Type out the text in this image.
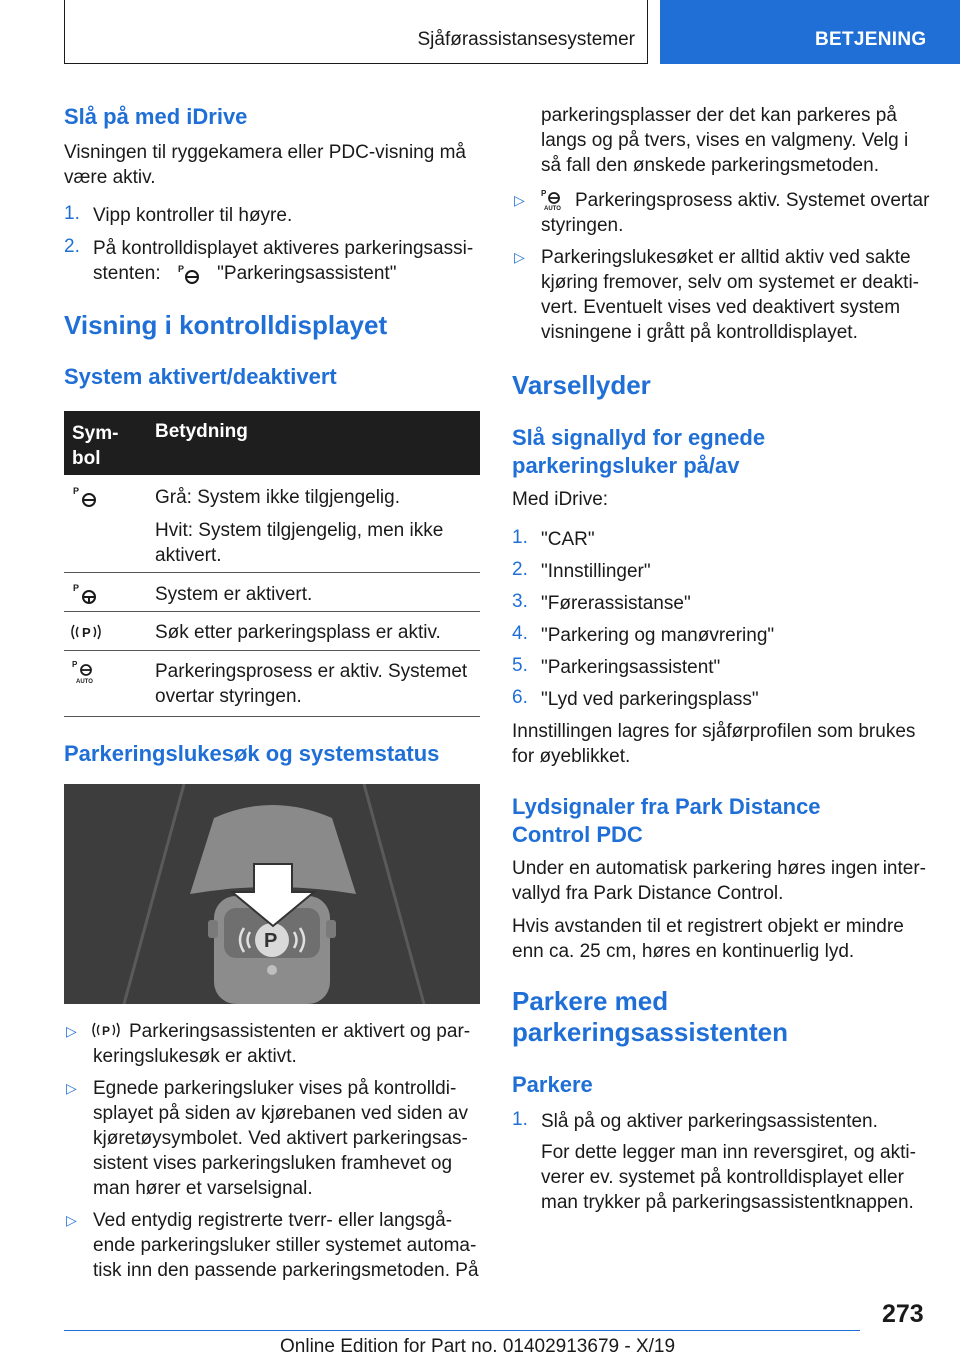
Sjåførassistansesystemer	BETJENING
Slå på med iDrive
Visningen til ryggekamera eller PDC-visning må
være aktiv.
1. Vipp kontroller til høyre.
2. På kontrolldisplayet aktiveres parkeringsassi-
stenten: P "Parkeringsassistent"
Visning i kontrolldisplayet
System aktivert/deaktivert
Sym-
bol
Betydning
P	Grå: System ikke tilgjengelig.
Hvit: System tilgjengelig, men ikke
aktivert.
P	System er aktivert.
P	Søk etter parkeringsplass er aktiv.
P
AUTO	Parkeringsprosess er aktiv. Systemet
overtar styringen.
Parkeringslukesøk og systemstatus
P
▷ P Parkeringsassistenten er aktivert og par-
keringslukesøk er aktivt.
▷ Egnede parkeringsluker vises på kontrolldi-
splayet på siden av kjørebanen ved siden av
kjøretøysymbolet. Ved aktivert parkeringsas-
sistent vises parkeringsluken framhevet og
man hører et varselsignal.
▷ Ved entydig registrerte tverr- eller langsgå-
ende parkeringsluker stiller systemet automa-
tisk inn den passende parkeringsmetoden. På
parkeringsplasser der det kan parkeres på
langs og på tvers, vises en valgmeny. Velg i
så fall den ønskede parkeringsmetoden.
▷ P
AUTO Parkeringsprosess aktiv. Systemet overtar
styringen.
▷ Parkeringslukesøket er alltid aktiv ved sakte
kjøring fremover, selv om systemet er deakti-
vert. Eventuelt vises ved deaktivert system
visningene i grått på kontrolldisplayet.
Varsellyder
Slå signallyd for egnede
parkeringsluker på/av
Med iDrive:
1. "CAR"
2. "Innstillinger"
3. "Førerassistanse"
4. "Parkering og manøvrering"
5. "Parkeringsassistent"
6. "Lyd ved parkeringsplass"
Innstillingen lagres for sjåførprofilen som brukes
for øyeblikket.
Lydsignaler fra Park Distance
Control PDC
Under en automatisk parkering høres ingen inter-
vallyd fra Park Distance Control.
Hvis avstanden til et registrert objekt er mindre
enn ca. 25 cm, høres en kontinuerlig lyd.
Parkere med
parkeringsassistenten
Parkere
1. Slå på og aktiver parkeringsassistenten.
For dette legger man inn reversgiret, og akti-
verer ev. systemet på kontrolldisplayet eller
man trykker på parkeringsassistentknappen.
273
Online Edition for Part no. 01402913679 - X/19
